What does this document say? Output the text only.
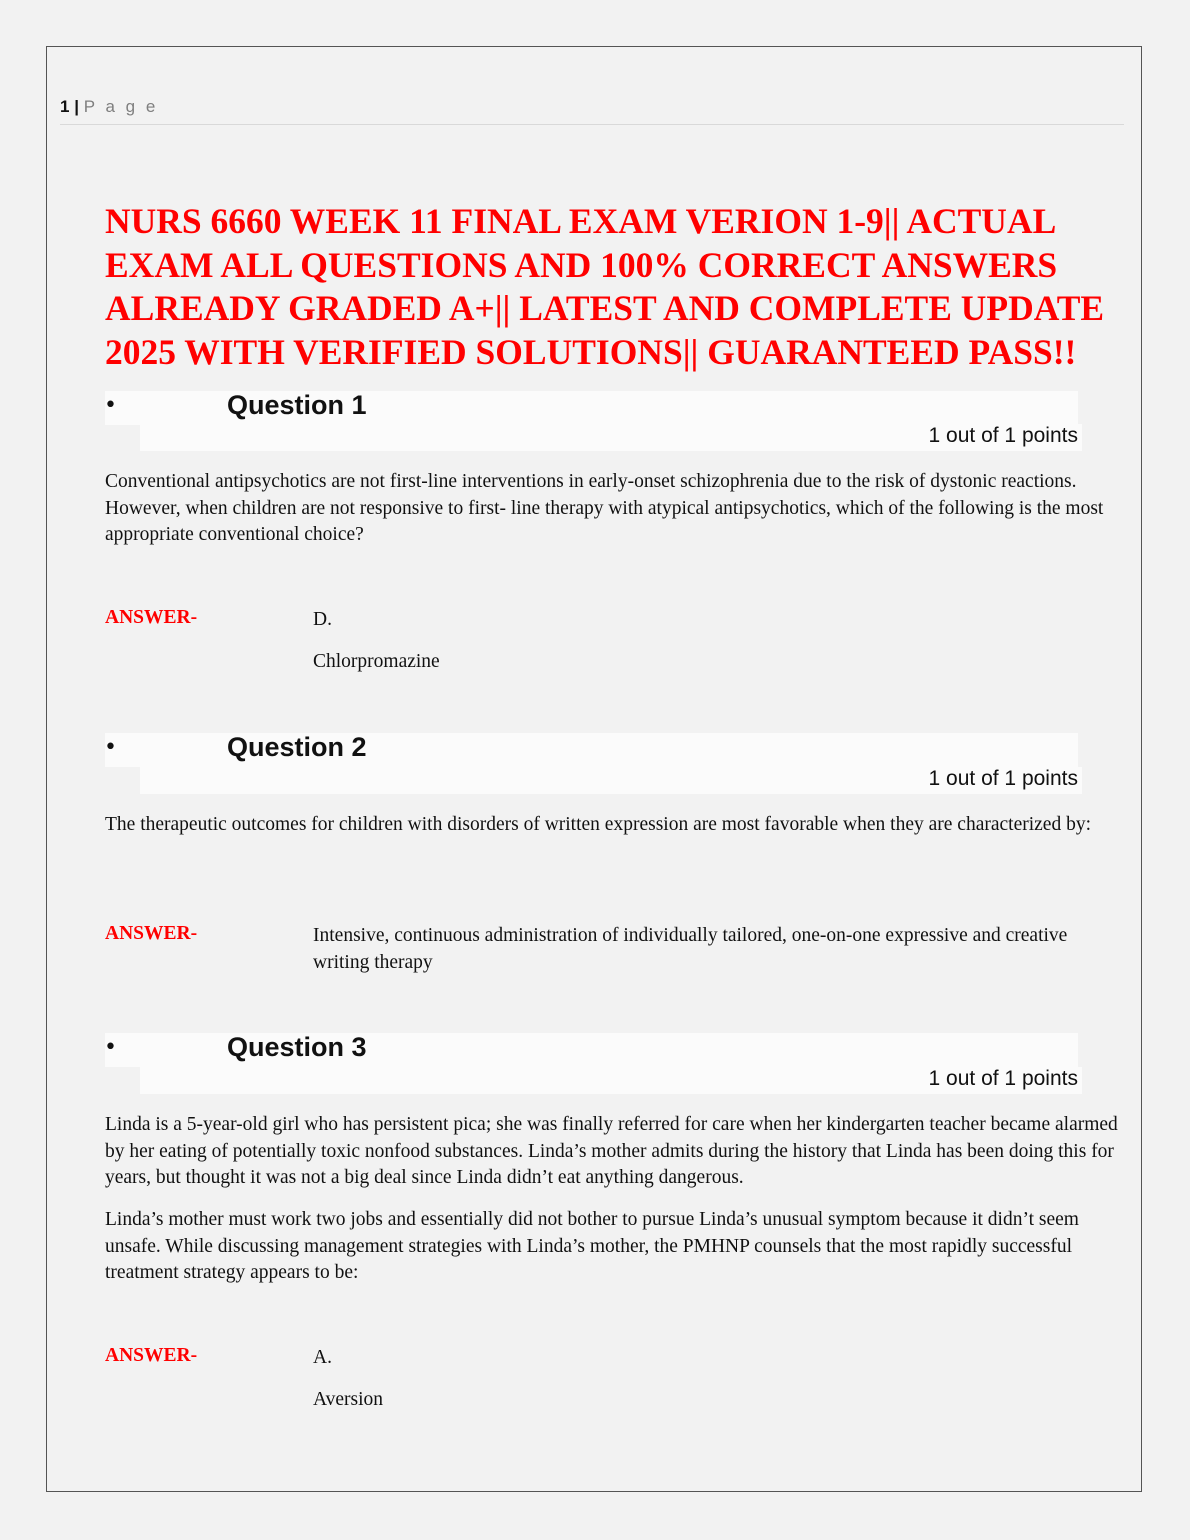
1 | P a g e
NURS 6660 WEEK 11 FINAL EXAM VERION 1-9|| ACTUAL
EXAM ALL QUESTIONS AND 100% CORRECT ANSWERS
ALREADY GRADED A+|| LATEST AND COMPLETE UPDATE
2025 WITH VERIFIED SOLUTIONS|| GUARANTEED PASS!!
•	Question 1
1 out of 1 points

Conventional antipsychotics are not first-line interventions in early-onset schizophrenia due to the risk of dystonic reactions. However, when children are not responsive to first- line therapy with atypical antipsychotics, which of the following is the most appropriate conventional choice?

ANSWER-	D.
Chlorpromazine
•	Question 2
1 out of 1 points

The therapeutic outcomes for children with disorders of written expression are most favorable when they are characterized by:

ANSWER-	Intensive, continuous administration of individually tailored, one-on-one expressive and creative writing therapy
•	Question 3
1 out of 1 points

Linda is a 5-year-old girl who has persistent pica; she was finally referred for care when her kindergarten teacher became alarmed by her eating of potentially toxic nonfood substances. Linda’s mother admits during the history that Linda has been doing this for years, but thought it was not a big deal since Linda didn’t eat anything dangerous.

Linda’s mother must work two jobs and essentially did not bother to pursue Linda’s unusual symptom because it didn’t seem unsafe. While discussing management strategies with Linda’s mother, the PMHNP counsels that the most rapidly successful treatment strategy appears to be:

ANSWER-	A.
Aversion
